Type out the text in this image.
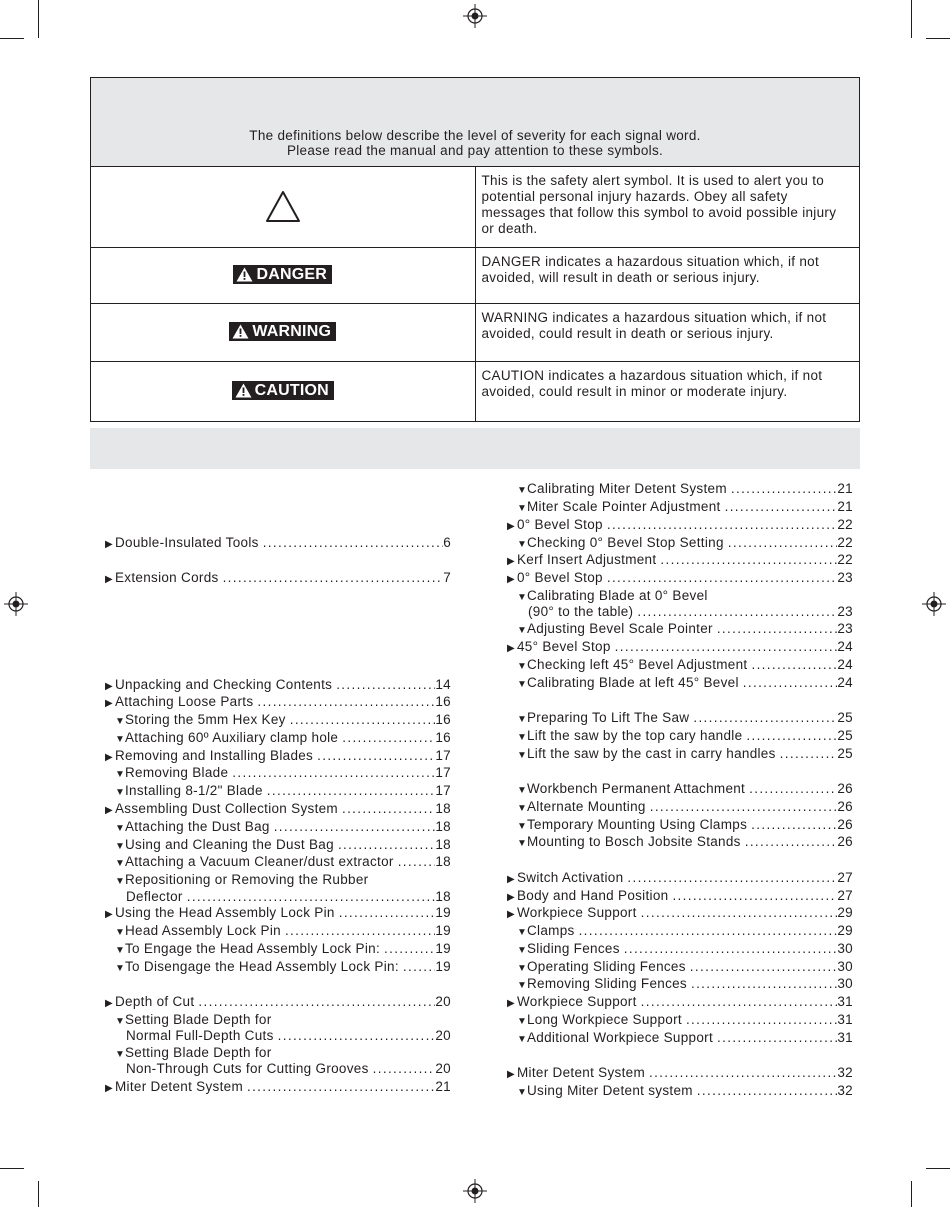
The definitions below describe the level of severity for each signal word.
Please read the manual and pay attention to these symbols.	

	This is the safety alert symbol. It is used to alert you to potential personal injury hazards. Obey all safety messages that follow this symbol to avoid possible injury or death.

DANGER	DANGER indicates a hazardous situation which, if not avoided, will result in death or serious injury.

WARNING	WARNING indicates a hazardous situation which, if not avoided, could result in death or serious injury.

CAUTION	CAUTION indicates a hazardous situation which, if not avoided, could result in minor or moderate injury.
▶ Double-Insulated Tools . . .	6
▶ Extension Cords . . .	7
▶ Unpacking and Checking Contents . . .	14
▶ Attaching Loose Parts . . .	16
▼ Storing the 5mm Hex Key . . .	16
▼ Attaching 60º Auxiliary clamp hole . . .	16
▶ Removing and Installing Blades . . .	17
▼ Removing Blade . . .	17
▼ Installing 8-1/2" Blade . . .	17
▶ Assembling Dust Collection System . . .	18
▼ Attaching the Dust Bag . . .	18
▼ Using and Cleaning the Dust Bag . . .	18
▼ Attaching a Vacuum Cleaner/dust extractor . . .	18
▼ Repositioning or Removing the Rubber
Deflector . . .	18
▶ Using the Head Assembly Lock Pin . . .	19
▼ Head Assembly Lock Pin . . .	19
▼ To Engage the Head Assembly Lock Pin: . . .	19
▼ To Disengage the Head Assembly Lock Pin: . . .	19
▶ Depth of Cut . . .	20
▼ Setting Blade Depth for
Normal Full-Depth Cuts . . .	20
▼ Setting Blade Depth for
Non-Through Cuts for Cutting Grooves . . .	20
▶ Miter Detent System . . .	21
▼ Calibrating Miter Detent System . . .	21
▼ Miter Scale Pointer Adjustment . . .	21
▶ 0° Bevel Stop . . .	22
▼ Checking 0° Bevel Stop Setting . . .	22
▶ Kerf Insert Adjustment . . .	22
▶ 0° Bevel Stop . . .	23
▼ Calibrating Blade at 0° Bevel
(90° to the table) . . .	23
▼ Adjusting Bevel Scale Pointer . . .	23
▶ 45° Bevel Stop . . .	24
▼ Checking left 45° Bevel Adjustment . . .	24
▼ Calibrating Blade at left 45° Bevel . . .	24
▼ Preparing To Lift The Saw . . .	25
▼ Lift the saw by the top cary handle . . .	25
▼ Lift the saw by the cast in carry handles . . .	25
▼ Workbench Permanent Attachment . . .	26
▼ Alternate Mounting . . .	26
▼ Temporary Mounting Using Clamps . . .	26
▼ Mounting to Bosch Jobsite Stands . . .	26
▶ Switch Activation . . .	27
▶ Body and Hand Position . . .	27
▶ Workpiece Support . . .	29
▼ Clamps . . .	29
▼ Sliding Fences . . .	30
▼ Operating Sliding Fences . . .	30
▼ Removing Sliding Fences . . .	30
▶ Workpiece Support . . .	31
▼ Long Workpiece Support . . .	31
▼ Additional Workpiece Support . . .	31
▶ Miter Detent System . . .	32
▼ Using Miter Detent system . . .	32
